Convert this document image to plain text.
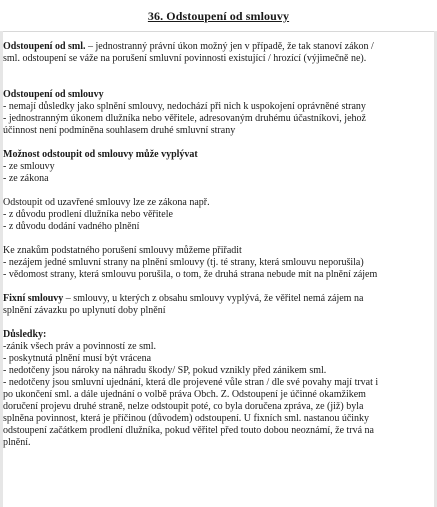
36. Odstoupení od smlouvy
Odstoupení od sml. – jednostranný právní úkon možný jen v případě, že tak stanoví zákon /
sml. odstoupení se váže na porušení smluvní povinnosti existující / hrozící (výjimečně ne).
Odstoupení od smlouvy
- nemají důsledky jako splnění smlouvy, nedochází při nich k uspokojení oprávněné strany
- jednostranným úkonem dlužníka nebo věřitele, adresovaným druhému účastníkovi, jehož
účinnost není podmíněna souhlasem druhé smluvní strany
Možnost odstoupit od smlouvy může vyplývat
- ze smlouvy
- ze zákona
Odstoupit od uzavřené smlouvy lze ze zákona např.
- z důvodu prodlení dlužníka nebo věřitele
- z důvodu dodání vadného plnění
Ke znakům podstatného porušení smlouvy můžeme přiřadit
- nezájem jedné smluvní strany na plnění smlouvy (tj. té strany, která smlouvu neporušila)
- vědomost strany, která smlouvu porušila, o tom, že druhá strana nebude mít na plnění zájem
Fixní smlouvy – smlouvy, u kterých z obsahu smlouvy vyplývá, že věřitel nemá zájem na
splnění závazku po uplynutí doby plnění
Důsledky:
-zánik všech práv a povinností ze sml.
- poskytnutá plnění musí být vrácena
- nedotčeny jsou nároky na náhradu škody/ SP, pokud vznikly před zánikem sml.
- nedotčeny jsou smluvní ujednání, která dle projevené vůle stran / dle své povahy mají trvat i
po ukončení sml. a dále ujednání o volbě práva Obch. Z. Odstoupení je účinné okamžikem
doručení projevu druhé straně, nelze odstoupit poté, co byla doručena zpráva, ze (již) byla
splněna povinnost, která je příčinou (důvodem) odstoupení. U fixních sml. nastanou účinky
odstoupení začátkem prodlení dlužníka, pokud věřitel před touto dobou neoznámí, že trvá na
plnění.
